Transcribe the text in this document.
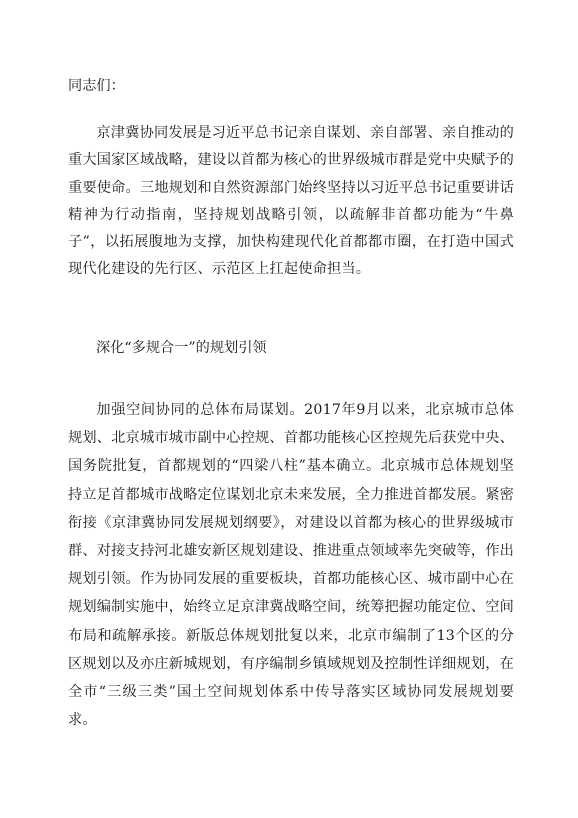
同志们：

京津冀协同发展是习近平总书记亲自谋划、亲自部署、亲自推动的重大国家区域战略，建设以首都为核心的世界级城市群是党中央赋予的重要使命。三地规划和自然资源部门始终坚持以习近平总书记重要讲话精神为行动指南，坚持规划战略引领，以疏解非首都功能为“牛鼻子”，以拓展腹地为支撑，加快构建现代化首都都市圈，在打造中国式现代化建设的先行区、示范区上扛起使命担当。

深化“多规合一”的规划引领

加强空间协同的总体布局谋划。2017年9月以来，北京城市总体规划、北京城市城市副中心控规、首都功能核心区控规先后获党中央、国务院批复，首都规划的“四梁八柱”基本确立。北京城市总体规划坚持立足首都城市战略定位谋划北京未来发展，全力推进首都发展。紧密衔接《京津冀协同发展规划纲要》，对建设以首都为核心的世界级城市群、对接支持河北雄安新区规划建设、推进重点领域率先突破等，作出规划引领。作为协同发展的重要板块，首都功能核心区、城市副中心在规划编制实施中，始终立足京津冀战略空间，统筹把握功能定位、空间布局和疏解承接。新版总体规划批复以来，北京市编制了13个区的分区规划以及亦庄新城规划，有序编制乡镇域规划及控制性详细规划，在全市“三级三类”国土空间规划体系中传导落实区域协同发展规划要求。
